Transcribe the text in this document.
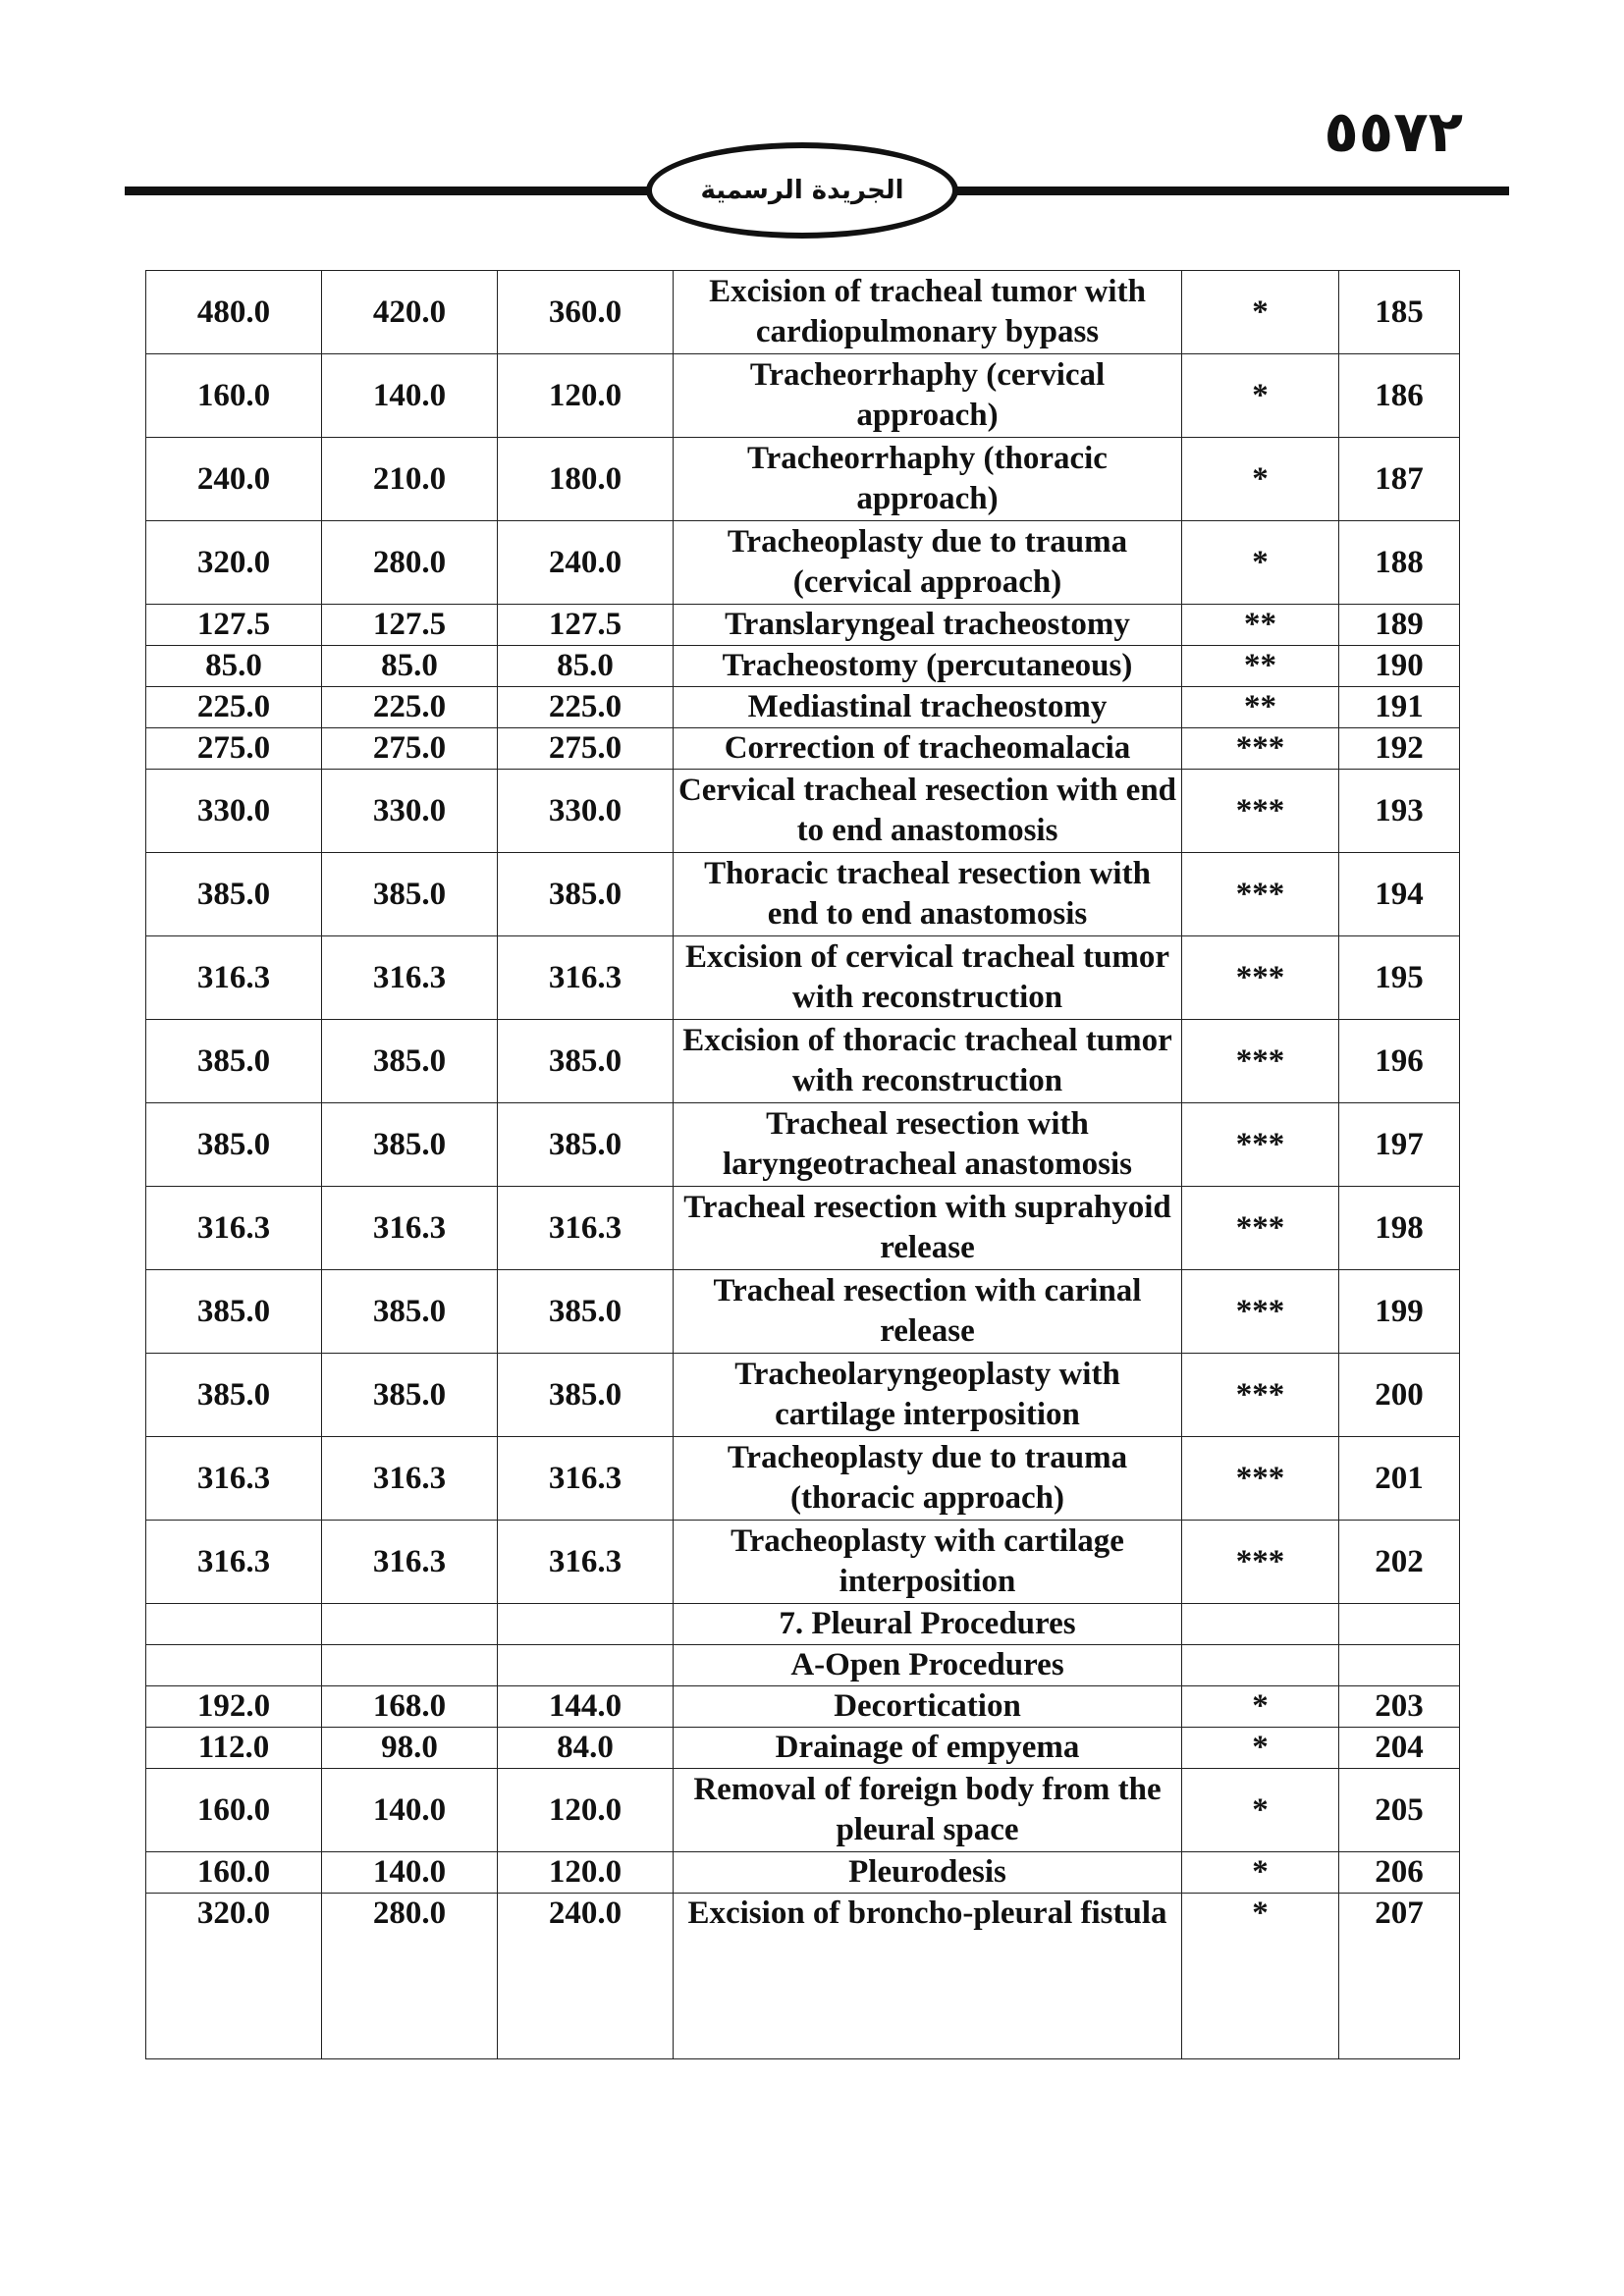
الجريدة الرسمية
٥٥٧٢
480.0	420.0	360.0	Excision of tracheal tumor with cardiopulmonary bypass	*	185
160.0	140.0	120.0	Tracheorrhaphy (cervical approach)	*	186
240.0	210.0	180.0	Tracheorrhaphy (thoracic approach)	*	187
320.0	280.0	240.0	Tracheoplasty due to trauma (cervical approach)	*	188
127.5	127.5	127.5	Translaryngeal tracheostomy	**	189
85.0	85.0	85.0	Tracheostomy (percutaneous)	**	190
225.0	225.0	225.0	Mediastinal tracheostomy	**	191
275.0	275.0	275.0	Correction of tracheomalacia	***	192
330.0	330.0	330.0	Cervical tracheal resection with end to end anastomosis	***	193
385.0	385.0	385.0	Thoracic tracheal resection with end to end anastomosis	***	194
316.3	316.3	316.3	Excision of cervical tracheal tumor with reconstruction	***	195
385.0	385.0	385.0	Excision of thoracic tracheal tumor with reconstruction	***	196
385.0	385.0	385.0	Tracheal resection with laryngeotracheal anastomosis	***	197
316.3	316.3	316.3	Tracheal resection with suprahyoid release	***	198
385.0	385.0	385.0	Tracheal resection with carinal release	***	199
385.0	385.0	385.0	Tracheolaryngeoplasty with cartilage interposition	***	200
316.3	316.3	316.3	Tracheoplasty due to trauma (thoracic approach)	***	201
316.3	316.3	316.3	Tracheoplasty with cartilage interposition	***	202
			7. Pleural Procedures		
			A-Open Procedures		
192.0	168.0	144.0	Decortication	*	203
112.0	98.0	84.0	Drainage of empyema	*	204
160.0	140.0	120.0	Removal of foreign body from the pleural space	*	205
160.0	140.0	120.0	Pleurodesis	*	206
320.0	280.0	240.0	Excision of broncho-pleural fistula	*	207
